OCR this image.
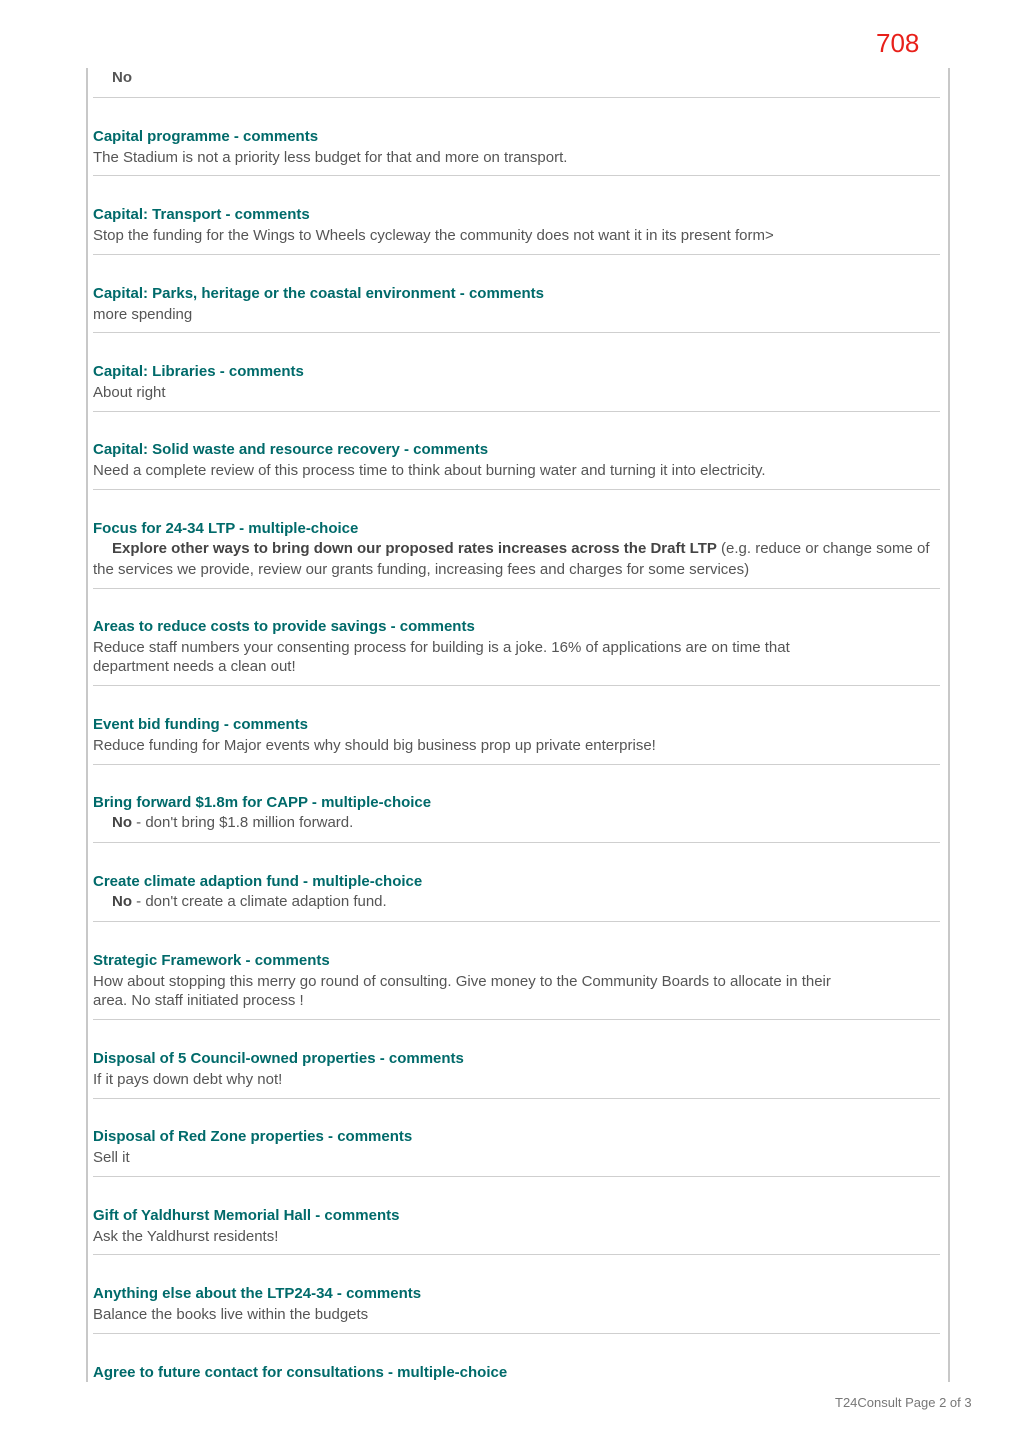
708
No
Capital programme - comments
The Stadium is not a priority less budget for that and more on transport.
Capital: Transport - comments
Stop the funding for the Wings to Wheels cycleway the community does not want it in its present form>
Capital: Parks, heritage or the coastal environment - comments
more spending
Capital: Libraries - comments
About right
Capital: Solid waste and resource recovery - comments
Need a complete review of this process time to think about burning water and turning it into electricity.
Focus for 24-34 LTP - multiple-choice
Explore other ways to bring down our proposed rates increases across the Draft LTP (e.g. reduce or change some of the services we provide, review our grants funding, increasing fees and charges for some services)
Areas to reduce costs to provide savings - comments
Reduce staff numbers your consenting process for building is a joke. 16% of applications are on time that
department needs a clean out!
Event bid funding - comments
Reduce funding for Major events why should big business prop up private enterprise!
Bring forward $1.8m for CAPP - multiple-choice
No - don't bring $1.8 million forward.
Create climate adaption fund - multiple-choice
No - don't create a climate adaption fund.
Strategic Framework - comments
How about stopping this merry go round of consulting. Give money to the Community Boards to allocate in their
area. No staff initiated process !
Disposal of 5 Council-owned properties - comments
If it pays down debt why not!
Disposal of Red Zone properties - comments
Sell it
Gift of Yaldhurst Memorial Hall - comments
Ask the Yaldhurst residents!
Anything else about the LTP24-34 - comments
Balance the books live within the budgets
Agree to future contact for consultations - multiple-choice
T24Consult Page 2 of 3
